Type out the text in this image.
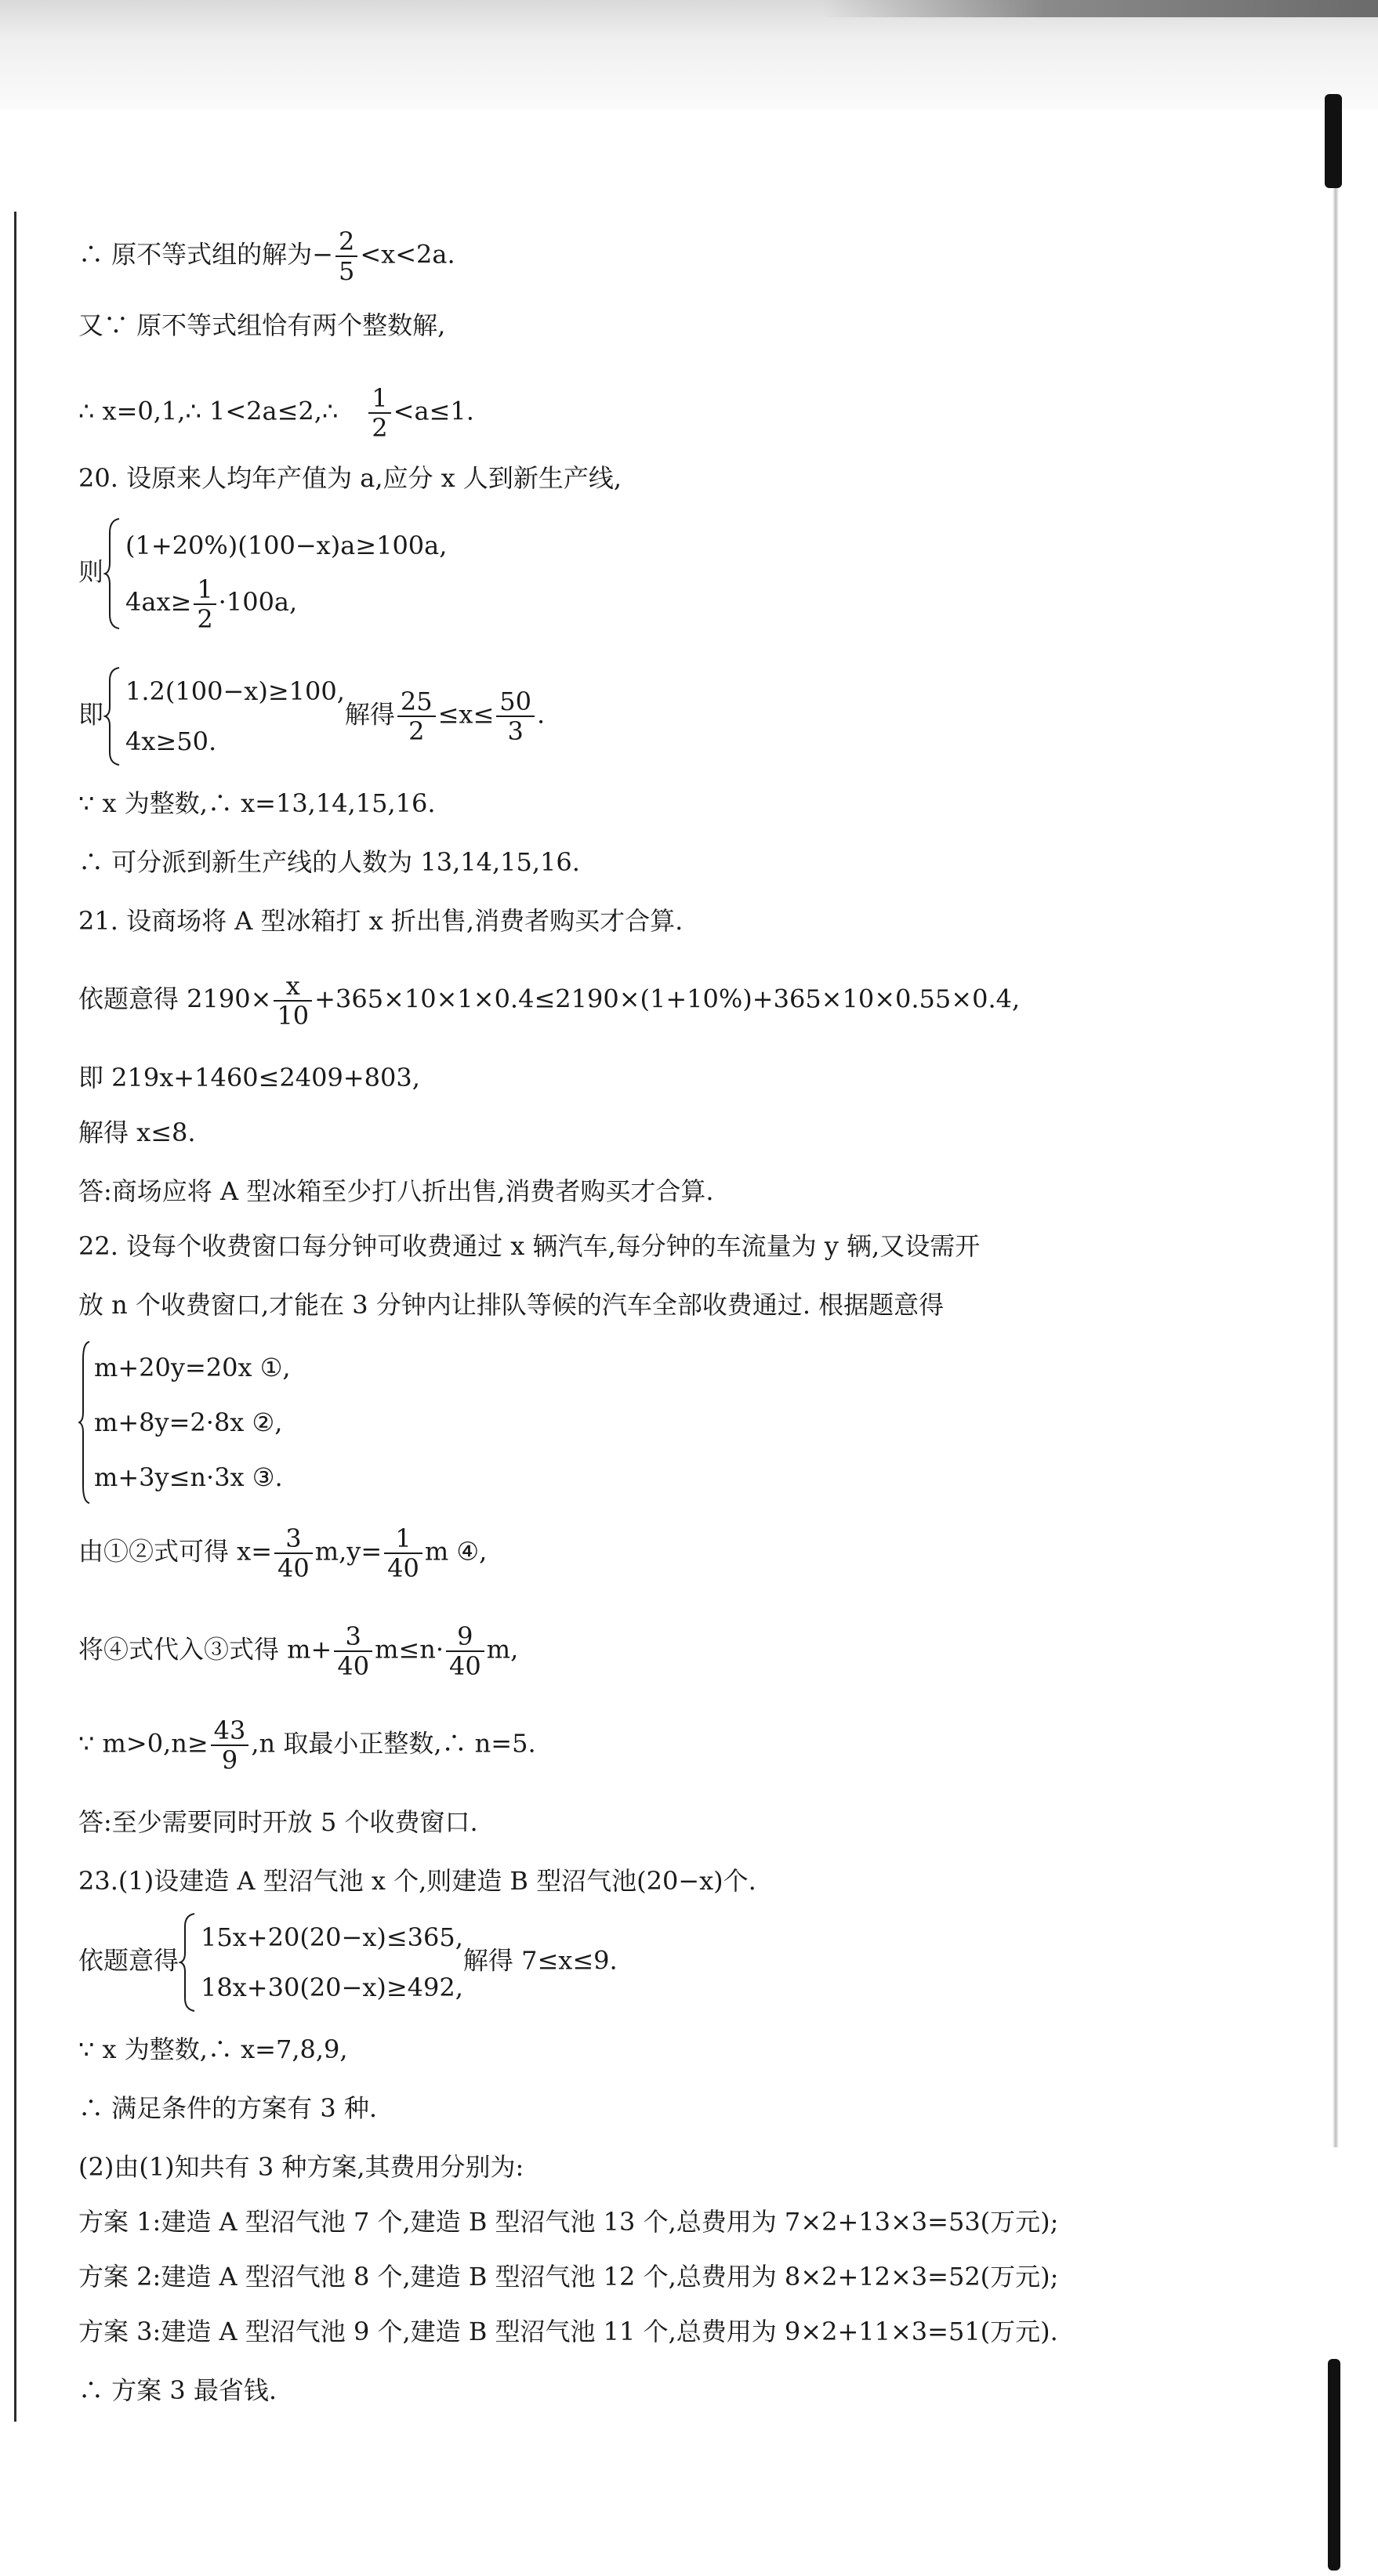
∴ 原不等式组的解为− $\frac{2}{5} <x<2a$.
又∵ 原不等式组恰有两个整数解,
∴ x=0,1,∴ 1<2a≤2,∴ $\frac{1}{2} <a\le 1$.
20. 设原来人均年产值为 a,应分 x 人到新生产线,
则
(1+20%)(100−x)a≥100a,
$4ax\ge \frac{1}{2} \cdot 100a$,
即
1.2(100−x)≥100,
4x≥50.
解得 $\frac{25}{2} \le x\le \frac{50}{3}$ .
∵ x 为整数,∴ x=13,14,15,16.
∴ 可分派到新生产线的人数为 13,14,15,16.
21. 设商场将 A 型冰箱打 x 折出售,消费者购买才合算.
依题意得 $2190\times \frac{x}{10} +365\times 10\times 1\times 0.4\le 2190\times(1+10\%)+365\times 10\times 0.55\times 0.4$,
即 219x+1460≤2409+803,
解得 x≤8.
答:商场应将 A 型冰箱至少打八折出售,消费者购买才合算.
22. 设每个收费窗口每分钟可收费通过 x 辆汽车,每分钟的车流量为 y 辆,又设需开
放 n 个收费窗口,才能在 3 分钟内让排队等候的汽车全部收费通过. 根据题意得
m+20y=20x ①,
m+8y=2·8x ②,
m+3y≤n·3x ③.
由①②式可得 $x= \frac{3}{40} m,y= \frac{1}{40}$ m ④,
将④式代入③式得 $m+ \frac{3}{40} m\le n\cdot \frac{9}{40} m$,
∵ $m>0,n\ge \frac{43}{9} ,n$ 取最小正整数,∴ n=5.
答:至少需要同时开放 5 个收费窗口.
23.(1)设建造 A 型沼气池 x 个,则建造 B 型沼气池(20−x)个.
依题意得
15x+20(20−x)≤365,
18x+30(20−x)≥492,
解得 7≤x≤9.
∵ x 为整数,∴ x=7,8,9,
∴ 满足条件的方案有 3 种.
(2)由(1)知共有 3 种方案,其费用分别为:
方案 1:建造 A 型沼气池 7 个,建造 B 型沼气池 13 个,总费用为 7×2+13×3=53(万元);
方案 2:建造 A 型沼气池 8 个,建造 B 型沼气池 12 个,总费用为 8×2+12×3=52(万元);
方案 3:建造 A 型沼气池 9 个,建造 B 型沼气池 11 个,总费用为 9×2+11×3=51(万元).
∴ 方案 3 最省钱.
